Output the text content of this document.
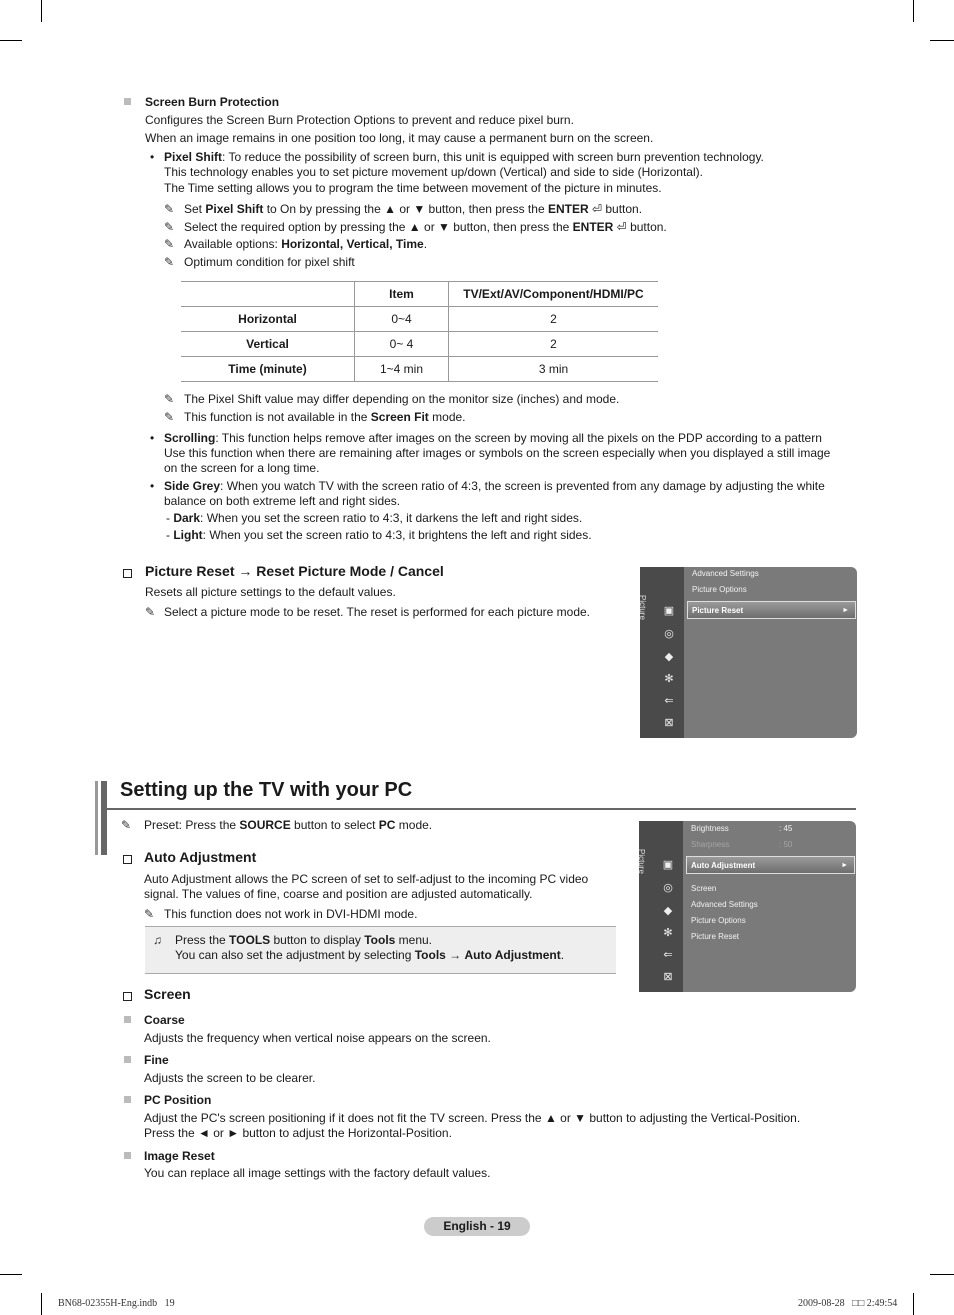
Screen Burn Protection
Configures the Screen Burn Protection Options to prevent and reduce pixel burn.
When an image remains in one position too long, it may cause a permanent burn on the screen.
• Pixel Shift: To reduce the possibility of screen burn, this unit is equipped with screen burn prevention technology.
This technology enables you to set picture movement up/down (Vertical) and side to side (Horizontal).
The Time setting allows you to program the time between movement of the picture in minutes.
✎ Set Pixel Shift to On by pressing the ▲ or ▼ button, then press the ENTER ⏎ button.
✎ Select the required option by pressing the ▲ or ▼ button, then press the ENTER ⏎ button.
✎ Available options: Horizontal, Vertical, Time.
✎ Optimum condition for pixel shift
	Item	TV/Ext/AV/Component/HDMI/PC
Horizontal	0~4	2
Vertical	0~ 4	2
Time (minute)	1~4 min	3 min
✎ The Pixel Shift value may differ depending on the monitor size (inches) and mode.
✎ This function is not available in the Screen Fit mode.
• Scrolling: This function helps remove after images on the screen by moving all the pixels on the PDP according to a pattern
Use this function when there are remaining after images or symbols on the screen especially when you displayed a still image
on the screen for a long time.
• Side Grey: When you watch TV with the screen ratio of 4:3, the screen is prevented from any damage by adjusting the white
balance on both extreme left and right sides.
- Dark: When you set the screen ratio to 4:3, it darkens the left and right sides.
- Light: When you set the screen ratio to 4:3, it brightens the left and right sides.
Picture Reset → Reset Picture Mode / Cancel
Resets all picture settings to the default values.
✎ Select a picture mode to be reset. The reset is performed for each picture mode.	Picture ▣
◎
◆
✻
⇐
⊠
Advanced Settings
Picture Options
Picture Reset	►
Setting up the TV with your PC
✎ Preset: Press the SOURCE button to select PC mode.
Auto Adjustment
Auto Adjustment allows the PC screen of set to self-adjust to the incoming PC video
signal. The values of fine, coarse and position are adjusted automatically.
✎ This function does not work in DVI-HDMI mode.
♫ Press the TOOLS button to display Tools menu.
You can also set the adjustment by selecting Tools → Auto Adjustment.
Screen
Coarse
Adjusts the frequency when vertical noise appears on the screen.
Fine
Adjusts the screen to be clearer.
PC Position
Adjust the PC's screen positioning if it does not fit the TV screen. Press the ▲ or ▼ button to adjusting the Vertical-Position.
Press the ◄ or ► button to adjust the Horizontal-Position.
Image Reset
You can replace all image settings with the factory default values.
Picture ▣
◎
◆
✻
⇐
⊠
Brightness	: 45
Sharpness	: 50
Auto Adjustment	►
Screen
Advanced Settings
Picture Options
Picture Reset
English - 19
BN68-02355H-Eng.indb   19	2009-08-28   □□ 2:49:54
